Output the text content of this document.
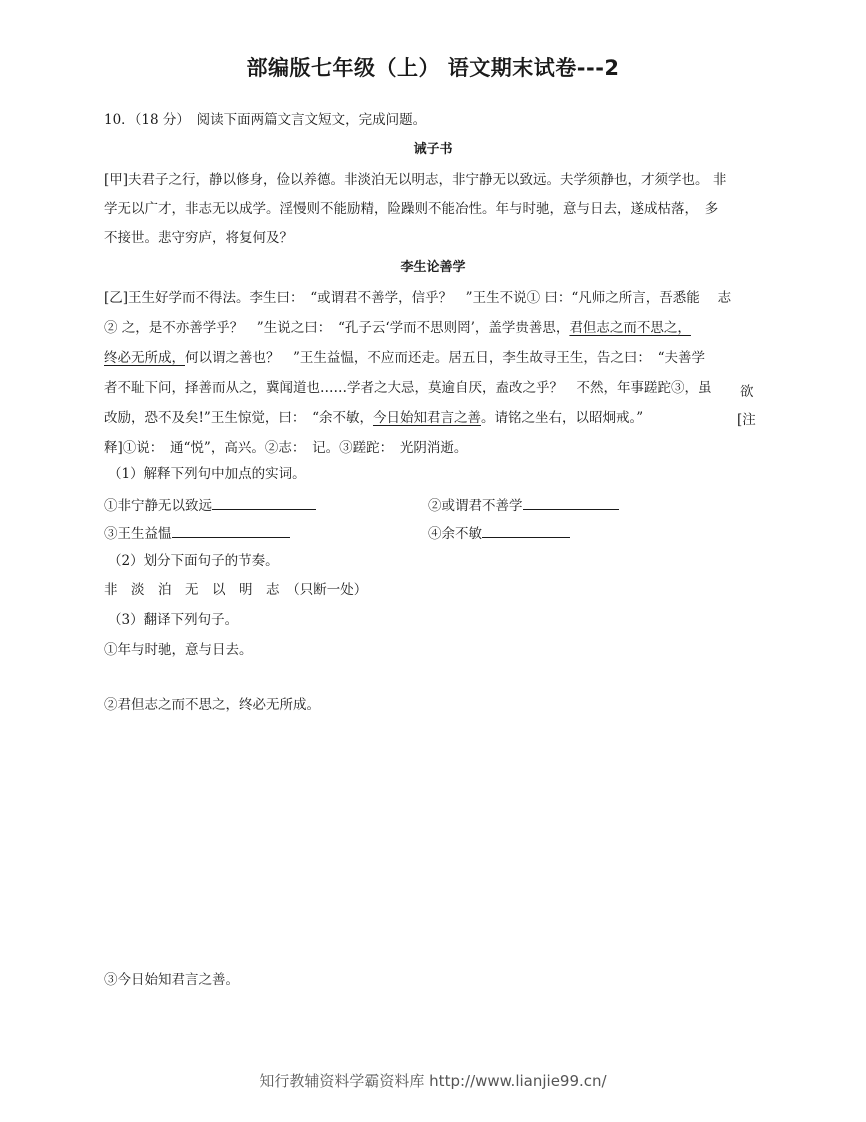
部编版七年级（上） 语文期末试卷---2
10．（18 分）　阅读下面两篇文言文短文，完成问题。
诫子书
[甲]夫君子之行，静以修身，俭以养德。非淡泊无以明志，非宁静无以致远。夫学须静也，才须学也。 非
学无以广才，非志无以成学。淫慢则不能励精，险躁则不能冶性。年与时驰，意与日去，遂成枯落，　多
不接世。悲守穷庐，将复何及？
李生论善学
[乙]王生好学而不得法。李生曰：　“或谓君不善学，信乎？　”王生不说① 曰：“凡师之所言，吾悉能　 志
② 之，是不亦善学乎？　”生说之曰：　“孔子云‘学而不思则罔’，盖学贵善思，君但志之而不思之，
终必无所成，何以谓之善也？　”王生益愠，不应而还走。居五日，李生故寻王生，告之曰：　“夫善学
者不耻下问，择善而从之，冀闻道也……学者之大忌，莫逾自厌，盍改之乎？　不然，年事蹉跎③，虽 欲
改励，恐不及矣!”王生惊觉，曰：　“余不敏，今日始知君言之善。请铭之坐右，以昭炯戒。”	[注
释]①说：　通“悦”，高兴。②志：　记。③蹉跎：　光阴消逝。
（1）解释下列句中加点的实词。
①非宁静无以致远	②或谓君不善学
③王生益愠	④余不敏
（2）划分下面句子的节奏。
非　淡　泊　无　以　明　志　（只断一处）
（3）翻译下列句子。
①年与时驰，意与日去。
②君但志之而不思之，终必无所成。
③今日始知君言之善。
知行教辅资料学霸资料库 http://www.lianjie99.cn/
